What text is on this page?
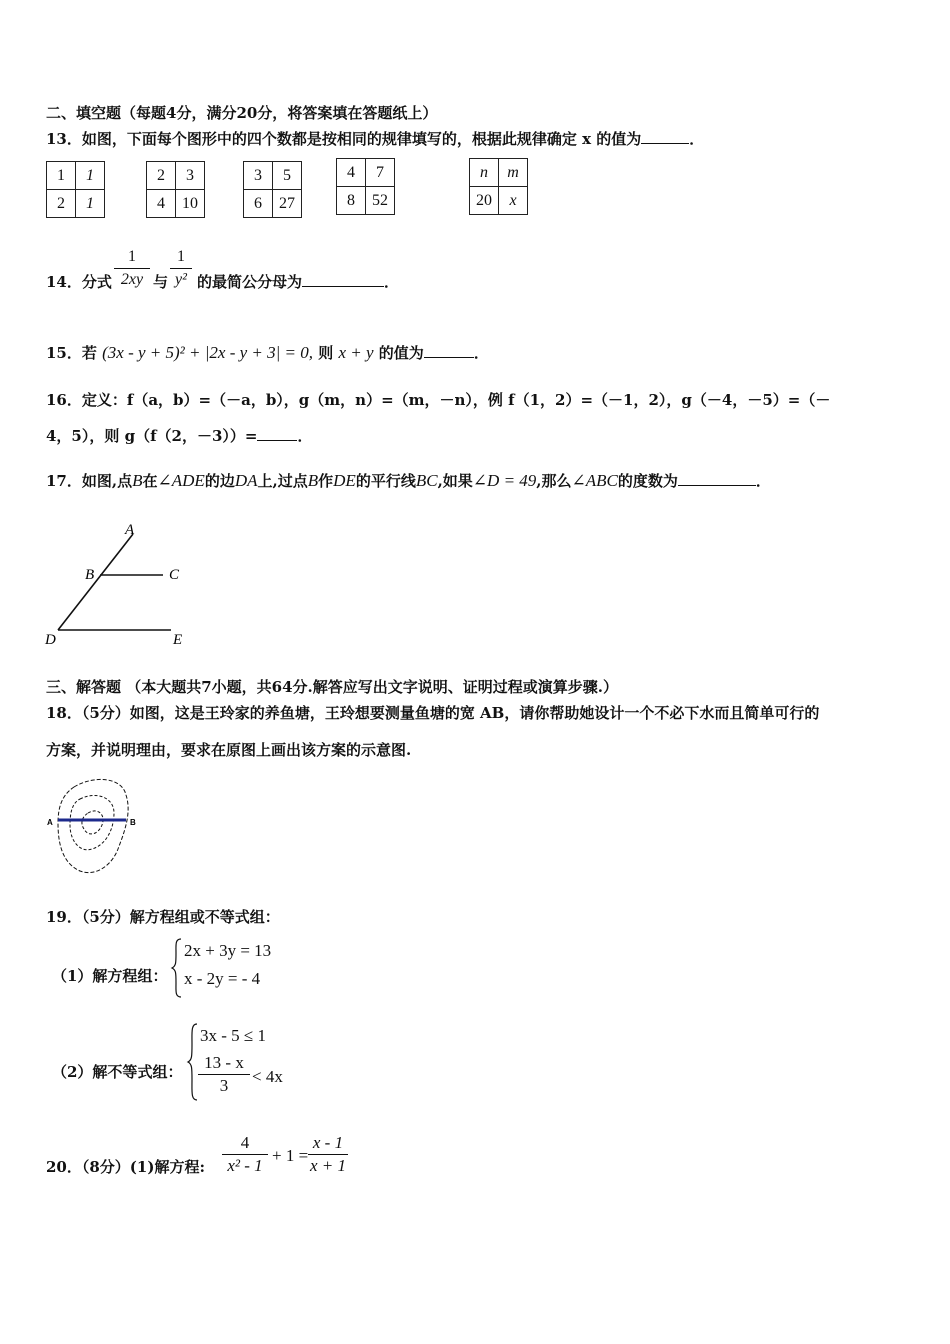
二、填空题（每题4分，满分20分，将答案填在答题纸上）
13．如图，下面每个图形中的四个数都是按相同的规律填写的，根据此规律确定 x 的值为	．
1	1
2	1
2	3
4	10
3	5
6	27
4	7
8	52
n	m
20	x
14．分式
1
2xy 与
1
y² 的最简公分母为	．
15．若 (3x - y + 5)² + |2x - y + 3| = 0, 则 x + y 的值为	．
16．定义：f（a，b）=（－a，b），g（m，n）=（m，－n），例 f（1，2）=（－1，2），g（－4，－5）=（－
4，5），则 g（f（2，－3））=	．
17．如图,点B在∠ADE的边DA上,过点B作DE的平行线BC,如果∠D = 49,那么∠ABC的度数为	．
A
B	C
D	E
三、解答题 （本大题共7小题，共64分.解答应写出文字说明、证明过程或演算步骤.）
18．（5分）如图，这是王玲家的养鱼塘，王玲想要测量鱼塘的宽 AB，请你帮助她设计一个不必下水而且简单可行的
方案，并说明理由，要求在原图上画出该方案的示意图.
A	B
19．（5分）解方程组或不等式组：
（1）解方程组：
2x + 3y = 13
x - 2y = - 4
（2）解不等式组：
3x - 5 ≤ 1
13 - x
3	< 4x
20．（8分）(1)解方程:
4
x² - 1
+ 1 =
x - 1
x + 1
